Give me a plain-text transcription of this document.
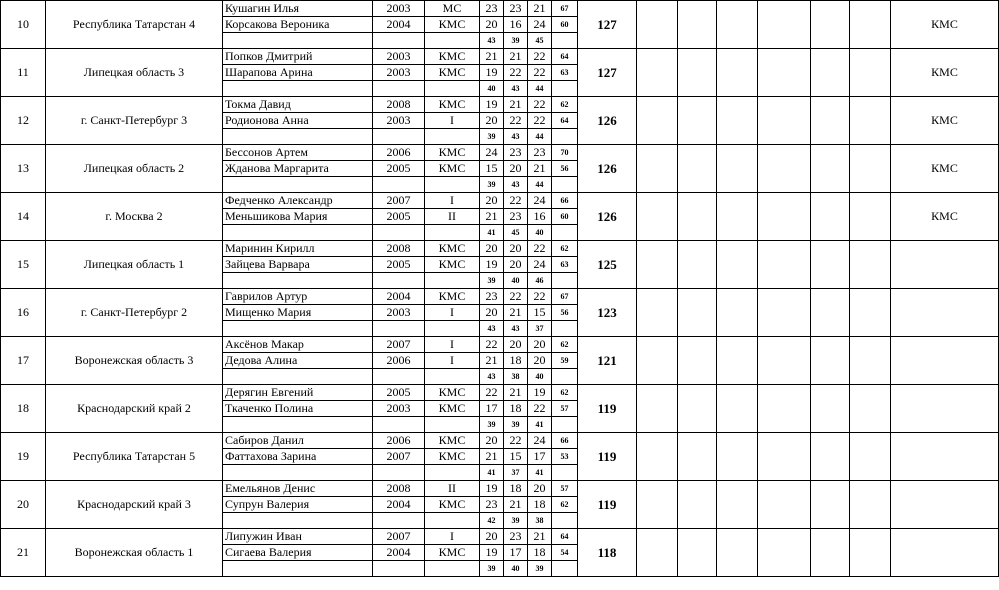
10	Республика Татарстан 4	Кушагин Илья	2003	МС	23	23	21	67	127							КМС
		Корсакова Вероника	2004	КМС	20	16	24	60								
					43	39	45									
11	Липецкая область 3	Попков Дмитрий	2003	КМС	21	21	22	64	127							КМС
		Шарапова Арина	2003	КМС	19	22	22	63								
					40	43	44									
12	г. Санкт-Петербург 3	Токма Давид	2008	КМС	19	21	22	62	126							КМС
		Родионова Анна	2003	I	20	22	22	64								
					39	43	44									
13	Липецкая область 2	Бессонов Артем	2006	КМС	24	23	23	70	126							КМС
		Жданова Маргарита	2005	КМС	15	20	21	56								
					39	43	44									
14	г. Москва 2	Федченко Александр	2007	I	20	22	24	66	126							КМС
		Меньшикова Мария	2005	II	21	23	16	60								
					41	45	40									
15	Липецкая область 1	Маринин Кирилл	2008	КМС	20	20	22	62	125							
		Зайцева Варвара	2005	КМС	19	20	24	63								
					39	40	46									
16	г. Санкт-Петербург 2	Гаврилов Артур	2004	КМС	23	22	22	67	123							
		Мищенко Мария	2003	I	20	21	15	56								
					43	43	37									
17	Воронежская область 3	Аксёнов Макар	2007	I	22	20	20	62	121							
		Дедова Алина	2006	I	21	18	20	59								
					43	38	40									
18	Краснодарский край 2	Дерягин Евгений	2005	КМС	22	21	19	62	119							
		Ткаченко Полина	2003	КМС	17	18	22	57								
					39	39	41									
19	Республика Татарстан 5	Сабиров Данил	2006	КМС	20	22	24	66	119							
		Фаттахова Зарина	2007	КМС	21	15	17	53								
					41	37	41									
20	Краснодарский край 3	Емельянов Денис	2008	II	19	18	20	57	119							
		Супрун Валерия	2004	КМС	23	21	18	62								
					42	39	38									
21	Воронежская область 1	Липужин Иван	2007	I	20	23	21	64	118							
		Сигаева Валерия	2004	КМС	19	17	18	54								
					39	40	39									
